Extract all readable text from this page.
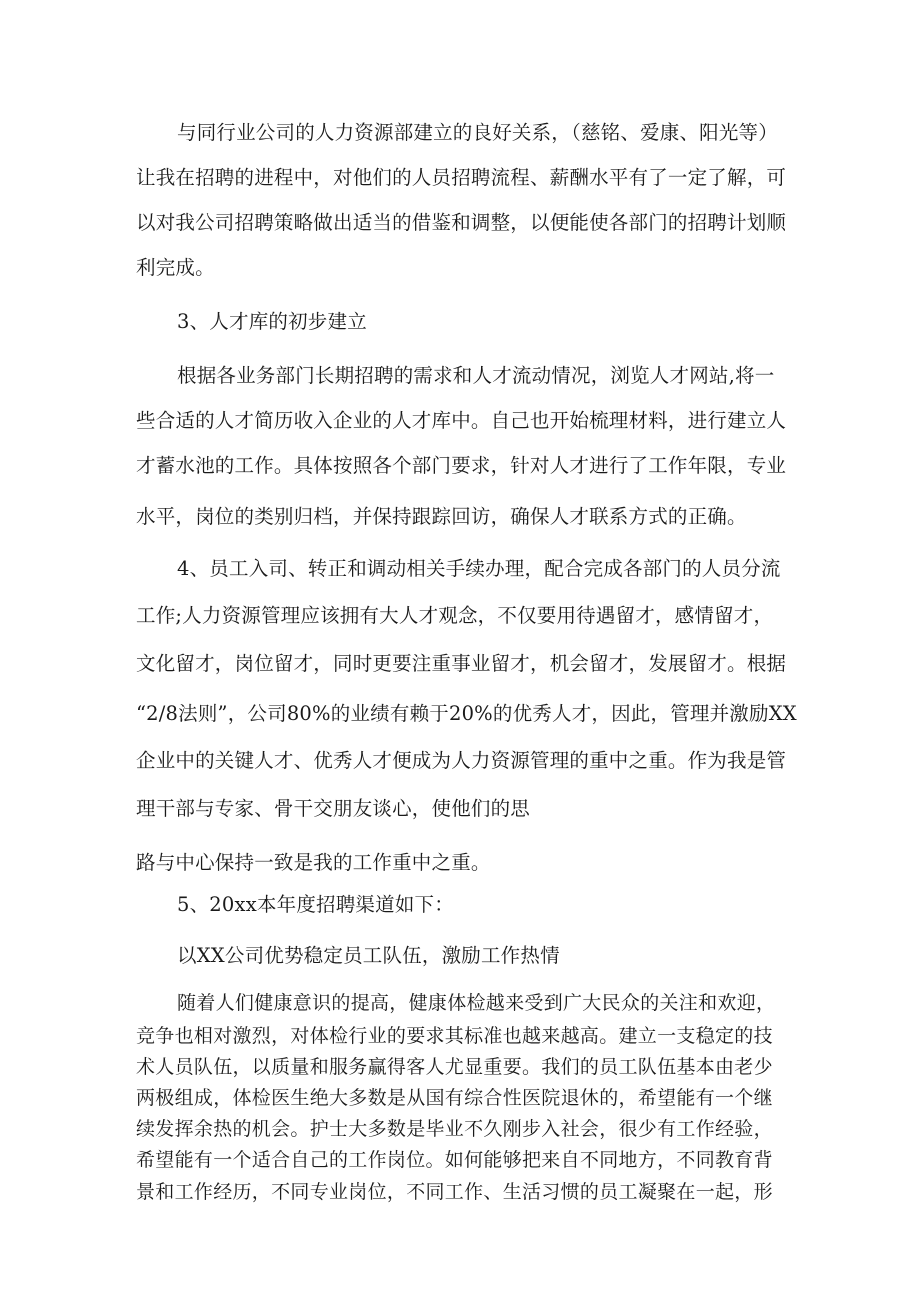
与同行业公司的人力资源部建立的良好关系，（慈铭、爱康、阳光等）
让我在招聘的进程中，对他们的人员招聘流程、薪酬水平有了一定了解，可
以对我公司招聘策略做出适当的借鉴和调整，以便能使各部门的招聘计划顺
利完成。
3、人才库的初步建立
根据各业务部门长期招聘的需求和人才流动情况，浏览人才网站,将一
些合适的人才简历收入企业的人才库中。自己也开始梳理材料，进行建立人
才蓄水池的工作。具体按照各个部门要求，针对人才进行了工作年限，专业
水平，岗位的类别归档，并保持跟踪回访，确保人才联系方式的正确。
4、员工入司、转正和调动相关手续办理，配合完成各部门的人员分流
工作;人力资源管理应该拥有大人才观念，不仅要用待遇留才，感情留才，
文化留才，岗位留才，同时更要注重事业留才，机会留才，发展留才。根据
“2/8法则”，公司80%的业绩有赖于20%的优秀人才，因此，管理并激励XX
企业中的关键人才、优秀人才便成为人力资源管理的重中之重。作为我是管
理干部与专家、骨干交朋友谈心，使他们的思
路与中心保持一致是我的工作重中之重。
5、20xx本年度招聘渠道如下：
以XX公司优势稳定员工队伍，激励工作热情
随着人们健康意识的提高，健康体检越来受到广大民众的关注和欢迎，
竞争也相对激烈，对体检行业的要求其标准也越来越高。建立一支稳定的技
术人员队伍，以质量和服务赢得客人尤显重要。我们的员工队伍基本由老少
两极组成，体检医生绝大多数是从国有综合性医院退休的，希望能有一个继
续发挥余热的机会。护士大多数是毕业不久刚步入社会，很少有工作经验，
希望能有一个适合自己的工作岗位。如何能够把来自不同地方，不同教育背
景和工作经历，不同专业岗位，不同工作、生活习惯的员工凝聚在一起，形
